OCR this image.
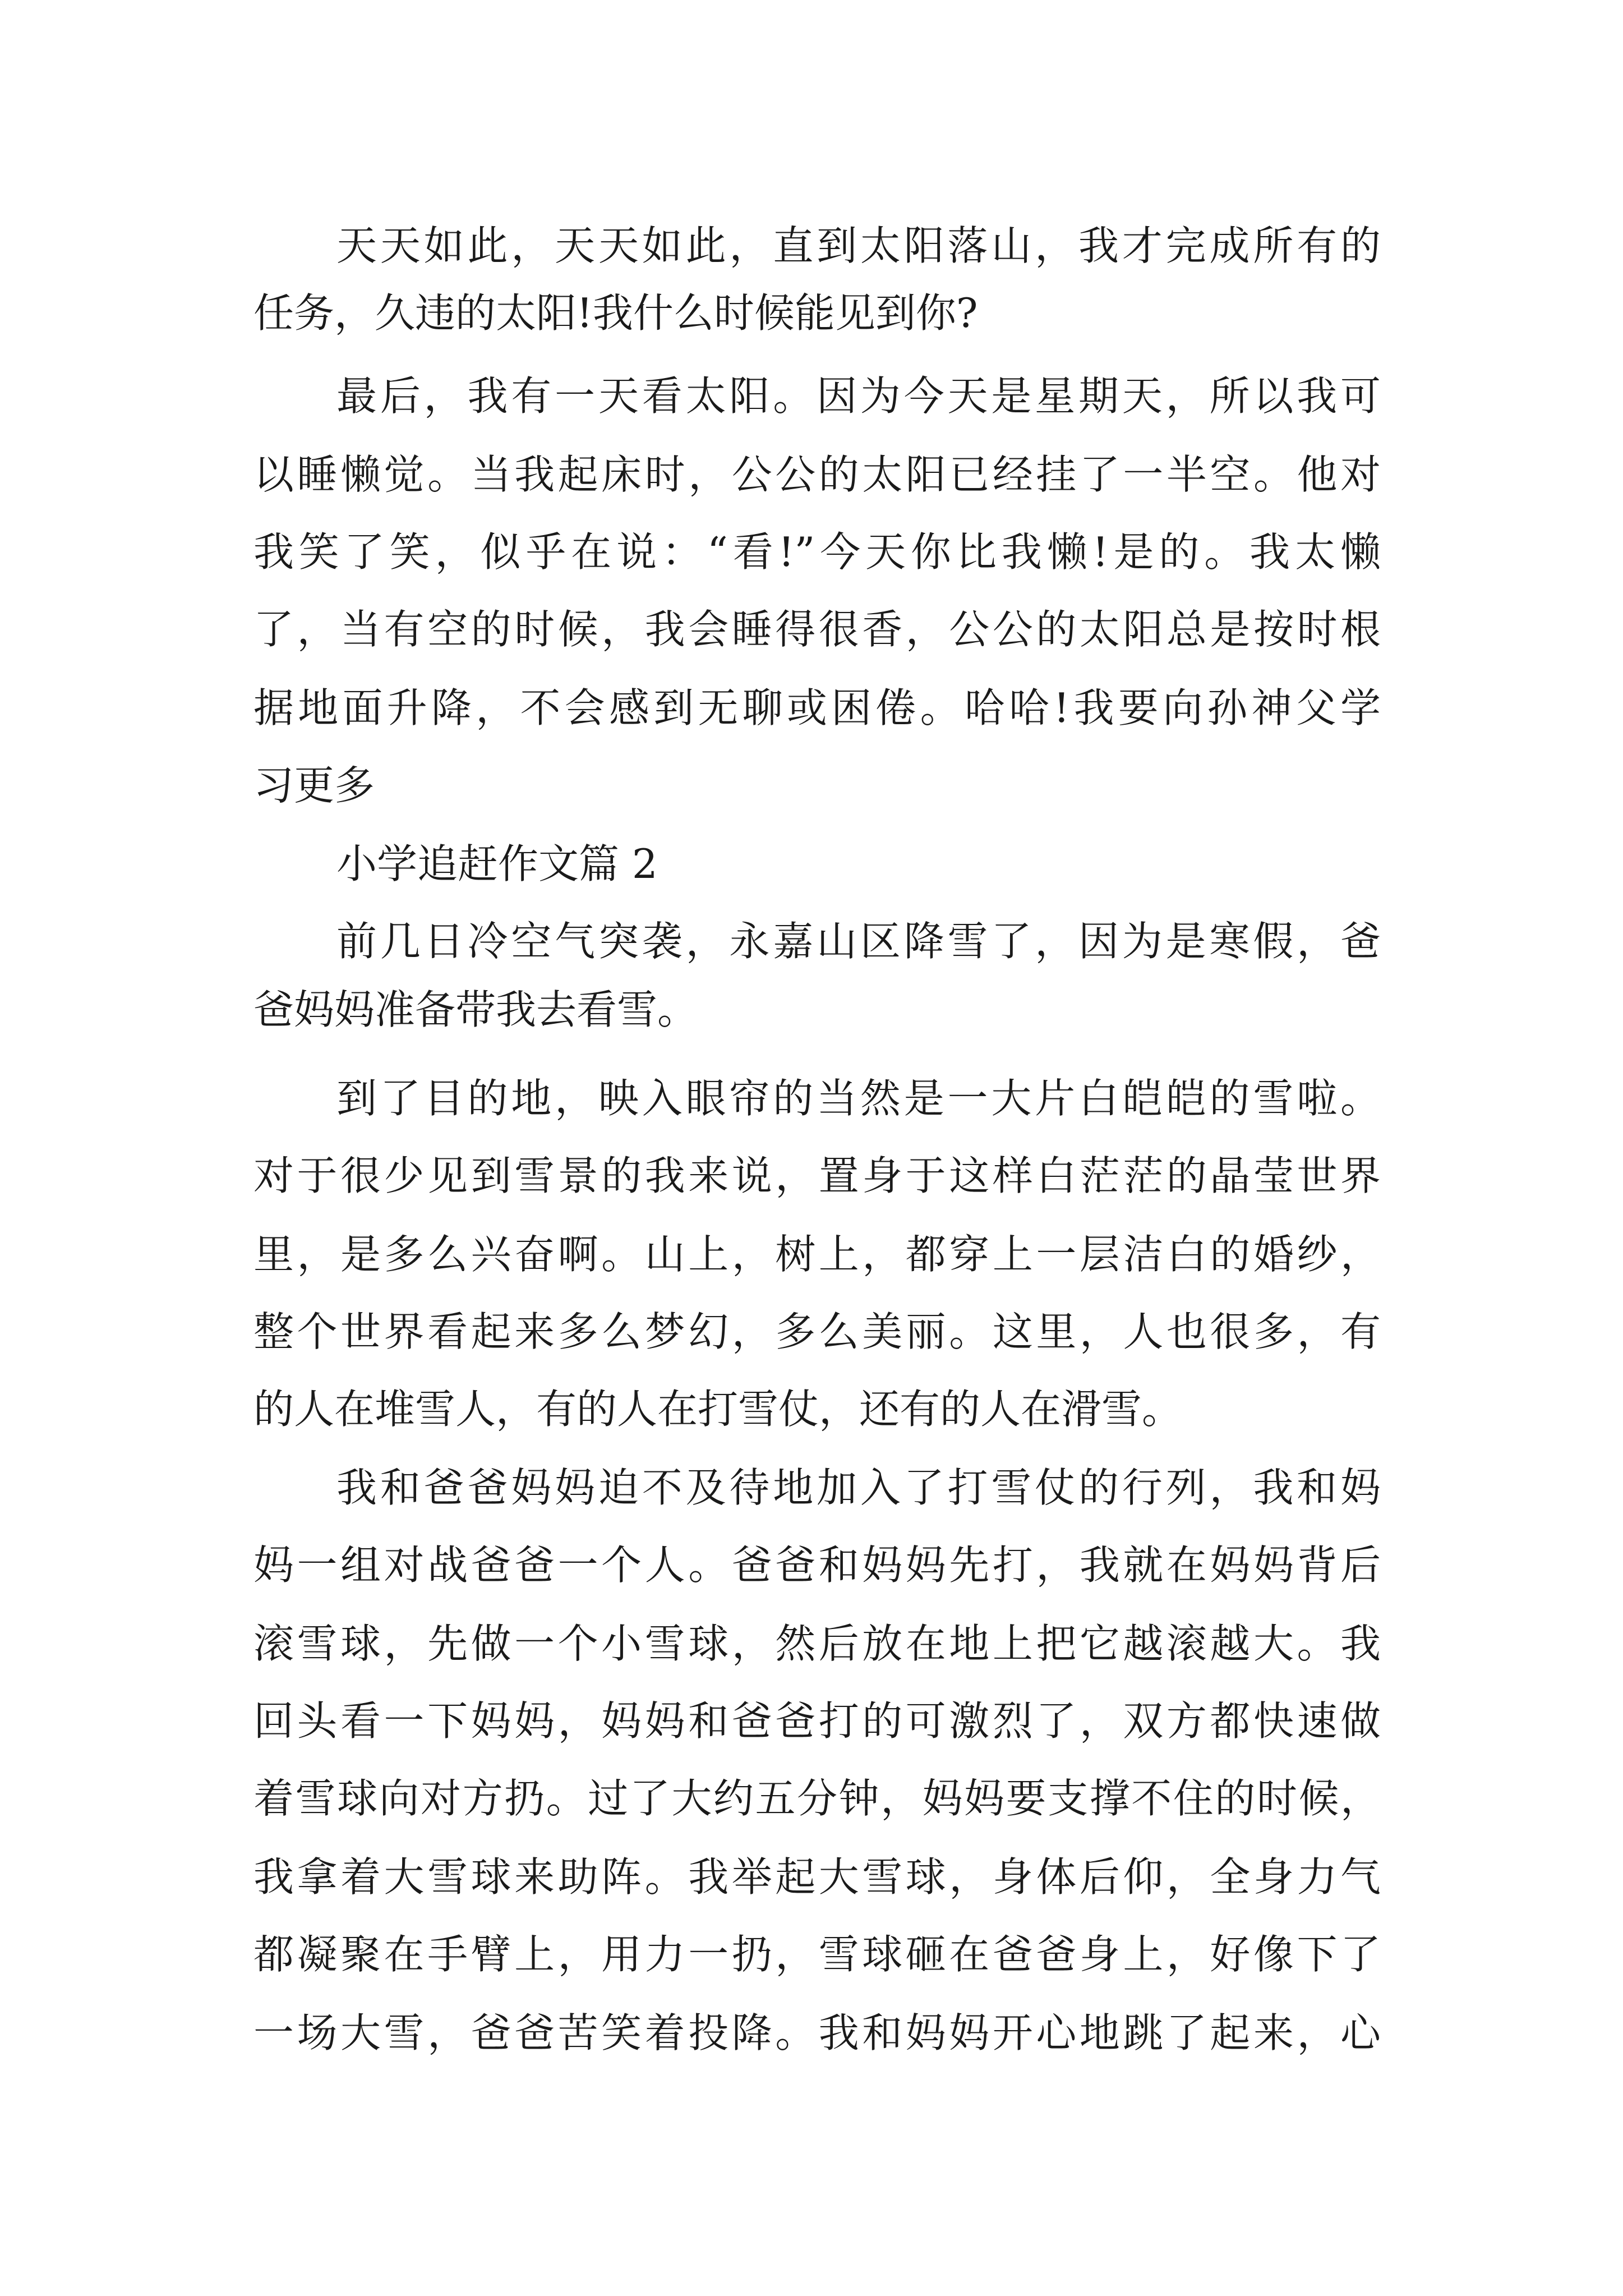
天天如此，天天如此，直到太阳落山，我才完成所有的
任务，久违的太阳!我什么时候能见到你?
最后，我有一天看太阳。因为今天是星期天，所以我可
以睡懒觉。当我起床时，公公的太阳已经挂了一半空。他对
我笑了笑，似乎在说：“看!”今天你比我懒!是的。我太懒
了，当有空的时候，我会睡得很香，公公的太阳总是按时根
据地面升降，不会感到无聊或困倦。哈哈!我要向孙神父学
习更多
小学追赶作文篇 2
前几日冷空气突袭，永嘉山区降雪了，因为是寒假，爸
爸妈妈准备带我去看雪。
到了目的地，映入眼帘的当然是一大片白皑皑的雪啦。
对于很少见到雪景的我来说，置身于这样白茫茫的晶莹世界
里，是多么兴奋啊。山上，树上，都穿上一层洁白的婚纱，
整个世界看起来多么梦幻，多么美丽。这里，人也很多，有
的人在堆雪人，有的人在打雪仗，还有的人在滑雪。
我和爸爸妈妈迫不及待地加入了打雪仗的行列，我和妈
妈一组对战爸爸一个人。爸爸和妈妈先打，我就在妈妈背后
滚雪球，先做一个小雪球，然后放在地上把它越滚越大。我
回头看一下妈妈，妈妈和爸爸打的可激烈了，双方都快速做
着雪球向对方扔。过了大约五分钟，妈妈要支撑不住的时候，
我拿着大雪球来助阵。我举起大雪球，身体后仰，全身力气
都凝聚在手臂上，用力一扔，雪球砸在爸爸身上，好像下了
一场大雪，爸爸苦笑着投降。我和妈妈开心地跳了起来，心
